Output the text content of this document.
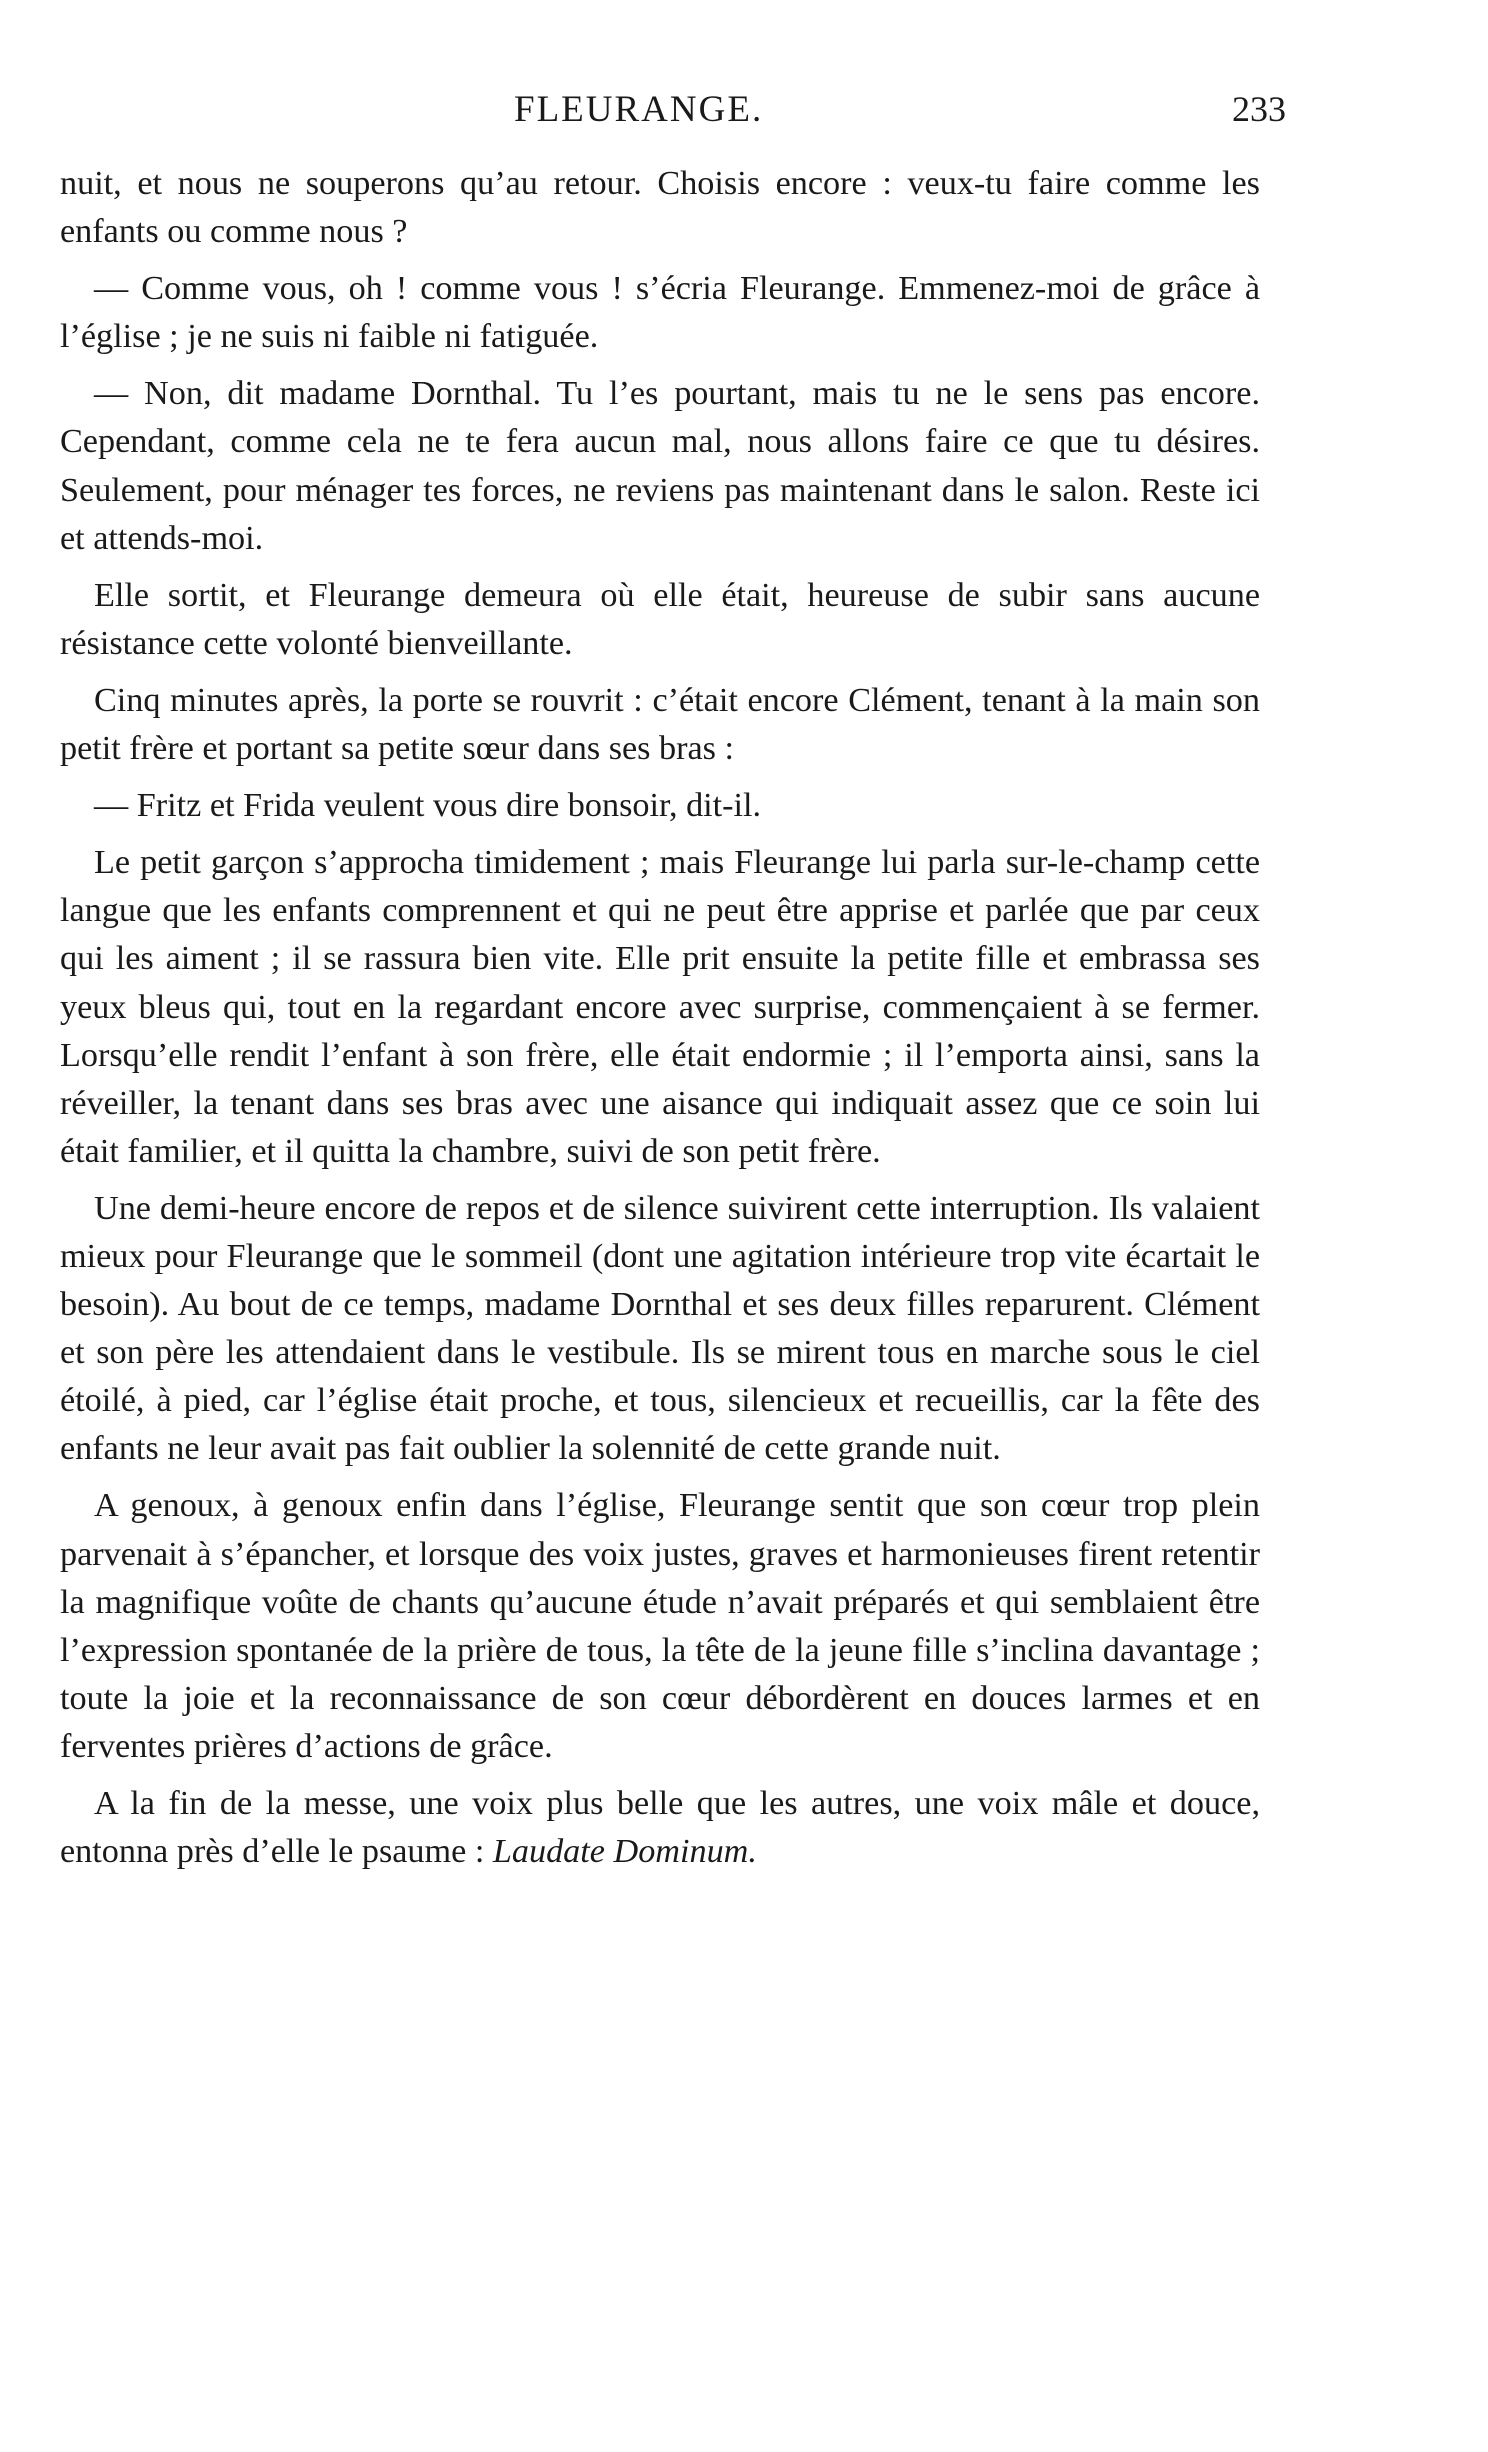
FLEURANGE.	233

nuit, et nous ne souperons qu’au retour. Choisis encore : veux-tu faire comme les enfants ou comme nous ?

— Comme vous, oh ! comme vous ! s’écria Fleurange. Emmenez-moi de grâce à l’église ; je ne suis ni faible ni fatiguée.

— Non, dit madame Dornthal. Tu l’es pourtant, mais tu ne le sens pas encore. Cependant, comme cela ne te fera aucun mal, nous allons faire ce que tu désires. Seulement, pour ménager tes forces, ne reviens pas maintenant dans le salon. Reste ici et attends-moi.

Elle sortit, et Fleurange demeura où elle était, heureuse de subir sans aucune résistance cette volonté bienveillante.

Cinq minutes après, la porte se rouvrit : c’était encore Clément, tenant à la main son petit frère et portant sa petite sœur dans ses bras :

— Fritz et Frida veulent vous dire bonsoir, dit-il.

Le petit garçon s’approcha timidement ; mais Fleurange lui parla sur-le-champ cette langue que les enfants comprennent et qui ne peut être apprise et parlée que par ceux qui les aiment ; il se rassura bien vite. Elle prit ensuite la petite fille et embrassa ses yeux bleus qui, tout en la regardant encore avec surprise, commençaient à se fermer. Lorsqu’elle rendit l’enfant à son frère, elle était endormie ; il l’emporta ainsi, sans la réveiller, la tenant dans ses bras avec une aisance qui indiquait assez que ce soin lui était familier, et il quitta la chambre, suivi de son petit frère.

Une demi-heure encore de repos et de silence suivirent cette interruption. Ils valaient mieux pour Fleurange que le sommeil (dont une agitation intérieure trop vite écartait le besoin). Au bout de ce temps, madame Dornthal et ses deux filles reparurent. Clément et son père les attendaient dans le vestibule. Ils se mirent tous en marche sous le ciel étoilé, à pied, car l’église était proche, et tous, silencieux et recueillis, car la fête des enfants ne leur avait pas fait oublier la solennité de cette grande nuit.

A genoux, à genoux enfin dans l’église, Fleurange sentit que son cœur trop plein parvenait à s’épancher, et lorsque des voix justes, graves et harmonieuses firent retentir la magnifique voûte de chants qu’aucune étude n’avait préparés et qui semblaient être l’expression spontanée de la prière de tous, la tête de la jeune fille s’inclina davantage ; toute la joie et la reconnaissance de son cœur débordèrent en douces larmes et en ferventes prières d’actions de grâce.

A la fin de la messe, une voix plus belle que les autres, une voix mâle et douce, entonna près d’elle le psaume : Laudate Dominum.
